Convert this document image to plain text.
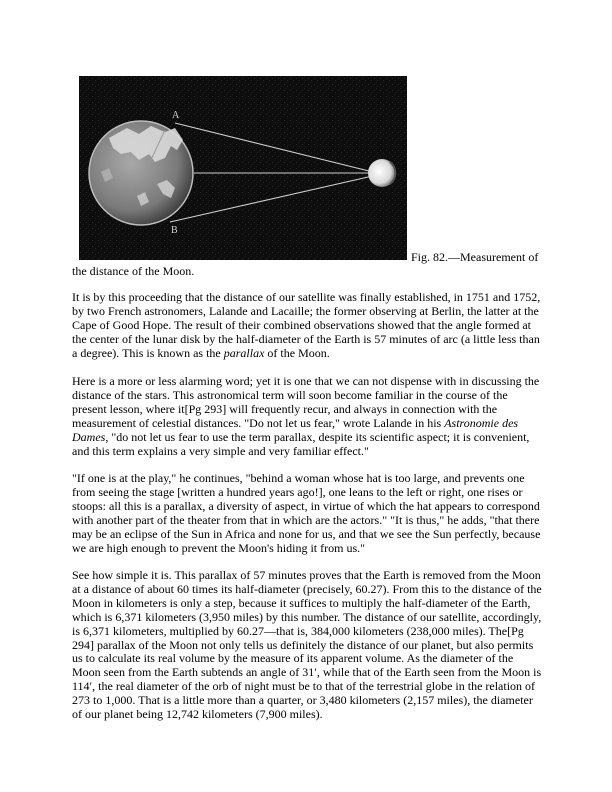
A
B
Fig. 82.—Measurement of
the distance of the Moon.

It is by this proceeding that the distance of our satellite was finally established, in 1751 and 1752, by two French astronomers, Lalande and Lacaille; the former observing at Berlin, the latter at the Cape of Good Hope. The result of their combined observations showed that the angle formed at the center of the lunar disk by the half-diameter of the Earth is 57 minutes of arc (a little less than a degree). This is known as the parallax of the Moon.

Here is a more or less alarming word; yet it is one that we can not dispense with in discussing the distance of the stars. This astronomical term will soon become familiar in the course of the present lesson, where it[Pg 293] will frequently recur, and always in connection with the measurement of celestial distances. "Do not let us fear," wrote Lalande in his Astronomie des Dames, "do not let us fear to use the term parallax, despite its scientific aspect; it is convenient, and this term explains a very simple and very familiar effect."

"If one is at the play," he continues, "behind a woman whose hat is too large, and prevents one from seeing the stage [written a hundred years ago!], one leans to the left or right, one rises or stoops: all this is a parallax, a diversity of aspect, in virtue of which the hat appears to correspond with another part of the theater from that in which are the actors." "It is thus," he adds, "that there may be an eclipse of the Sun in Africa and none for us, and that we see the Sun perfectly, because we are high enough to prevent the Moon's hiding it from us."

See how simple it is. This parallax of 57 minutes proves that the Earth is removed from the Moon at a distance of about 60 times its half-diameter (precisely, 60.27). From this to the distance of the Moon in kilometers is only a step, because it suffices to multiply the half-diameter of the Earth, which is 6,371 kilometers (3,950 miles) by this number. The distance of our satellite, accordingly, is 6,371 kilometers, multiplied by 60.27—that is, 384,000 kilometers (238,000 miles). The[Pg 294] parallax of the Moon not only tells us definitely the distance of our planet, but also permits us to calculate its real volume by the measure of its apparent volume. As the diameter of the Moon seen from the Earth subtends an angle of 31′, while that of the Earth seen from the Moon is 114′, the real diameter of the orb of night must be to that of the terrestrial globe in the relation of 273 to 1,000. That is a little more than a quarter, or 3,480 kilometers (2,157 miles), the diameter of our planet being 12,742 kilometers (7,900 miles).
